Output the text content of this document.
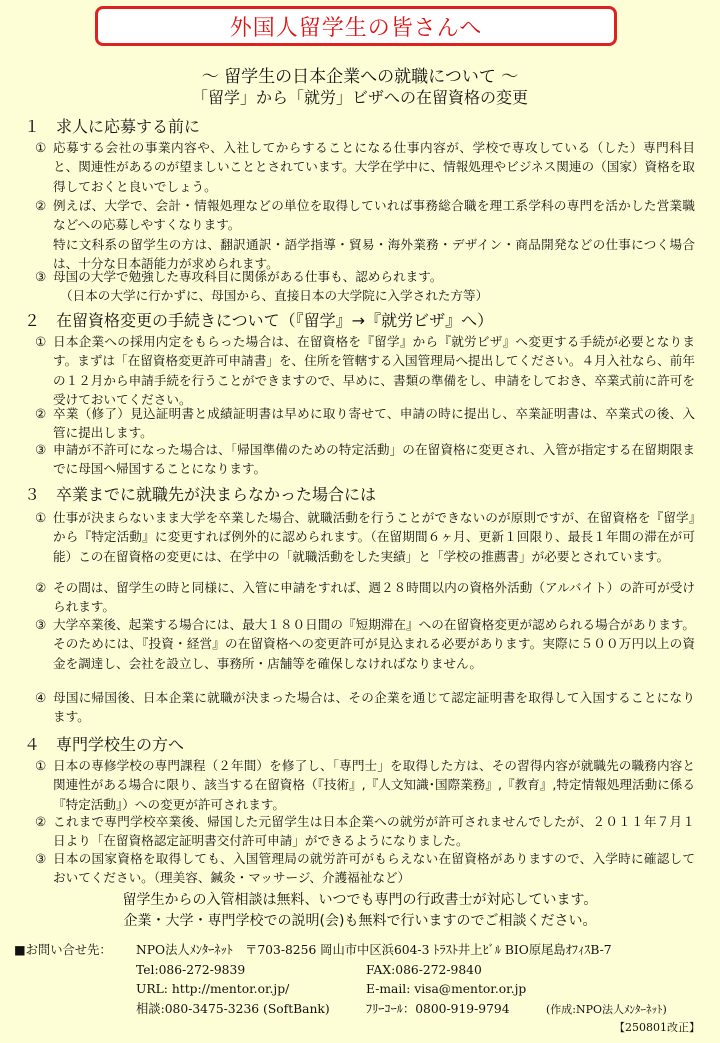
外国人留学生の皆さんへ
～ 留学生の日本企業への就職について ～
「留学」から「就労」ビザへの在留資格の変更
１　求人に応募する前に
① 応募する会社の事業内容や、入社してからすることになる仕事内容が、学校で専攻している（した）専門科目と、関連性があるのが望ましいこととされています。大学在学中に、情報処理やビジネス関連の（国家）資格を取得しておくと良いでしょう。
② 例えば、大学で、会計・情報処理などの単位を取得していれば事務総合職を理工系学科の専門を活かした営業職などへの応募しやすくなります。
特に文科系の留学生の方は、翻訳通訳・語学指導・貿易・海外業務・デザイン・商品開発などの仕事につく場合は、十分な日本語能力が求められます。
③ 母国の大学で勉強した専攻科目に関係がある仕事も、認められます。
（日本の大学に行かずに、母国から、直接日本の大学院に入学された方等）
２　在留資格変更の手続きについて（『留学』→『就労ビザ』へ）
① 日本企業への採用内定をもらった場合は、在留資格を『留学』から『就労ビザ』へ変更する手続が必要となります。まずは「在留資格変更許可申請書」を、住所を管轄する入国管理局へ提出してください。４月入社なら、前年の１２月から申請手続を行うことができますので、早めに、書類の準備をし、申請をしておき、卒業式前に許可を受けておいてください。
② 卒業（修了）見込証明書と成績証明書は早めに取り寄せて、申請の時に提出し、卒業証明書は、卒業式の後、入管に提出します。
③ 申請が不許可になった場合は、「帰国準備のための特定活動」の在留資格に変更され、入管が指定する在留期限までに母国へ帰国することになります。
３　卒業までに就職先が決まらなかった場合には
① 仕事が決まらないまま大学を卒業した場合、就職活動を行うことができないのが原則ですが、在留資格を『留学』から『特定活動』に変更すれば例外的に認められます。（在留期間６ヶ月、更新１回限り、最長１年間の滞在が可能）この在留資格の変更には、在学中の「就職活動をした実績」と「学校の推薦書」が必要とされています。
② その間は、留学生の時と同様に、入管に申請をすれば、週２８時間以内の資格外活動（アルバイト）の許可が受けられます。
③ 大学卒業後、起業する場合には、最大１８０日間の『短期滞在』への在留資格変更が認められる場合があります。そのためには、『投資・経営』の在留資格への変更許可が見込まれる必要があります。実際に５００万円以上の資金を調達し、会社を設立し、事務所・店舗等を確保しなければなりません。
④ 母国に帰国後、日本企業に就職が決まった場合は、その企業を通じて認定証明書を取得して入国することになります。
４　専門学校生の方へ
① 日本の専修学校の専門課程（２年間）を修了し、「専門士」を取得した方は、その習得内容が就職先の職務内容と関連性がある場合に限り、該当する在留資格（『技術』,『人文知識･国際業務』,『教育』,特定情報処理活動に係る『特定活動』）への変更が許可されます。
② これまで専門学校卒業後、帰国した元留学生は日本企業への就労が許可されませんでしたが、２０１１年７月１日より「在留資格認定証明書交付許可申請」ができるようになりました。
③ 日本の国家資格を取得しても、入国管理局の就労許可がもらえない在留資格がありますので、入学時に確認しておいてください。（理美容、鍼灸・マッサージ、介護福祉など）
留学生からの入管相談は無料、いつでも専門の行政書士が対応しています。
企業・大学・専門学校での説明(会)も無料で行いますのでご相談ください。
■お問い合せ先：	NPO法人ﾒﾝﾀｰﾈｯﾄ　〒703-8256 岡山市中区浜604-3 ﾄﾗｽﾄ井上ﾋﾞﾙ BIO原尾島ｵﾌｨｽB-7
Tel:086-272-9839	FAX:086-272-9840
URL: http://mentor.or.jp/	E-mail: visa@mentor.or.jp
相談:080-3475-3236 (SoftBank)	ﾌﾘｰｺｰﾙ：0800-919-9794	(作成:NPO法人ﾒﾝﾀｰﾈｯﾄ)
【250801改正】
